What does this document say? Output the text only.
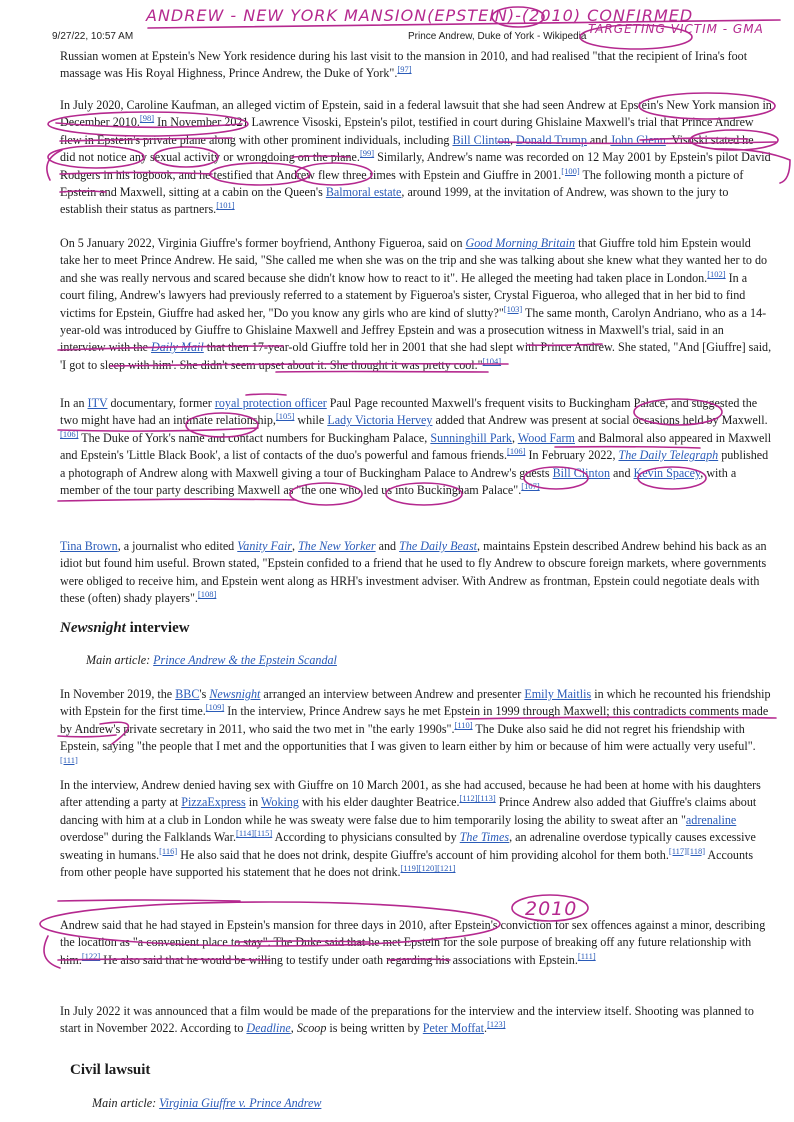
9/27/22, 10:57 AM	Prince Andrew, Duke of York - Wikipedia
ANDREW - NEW YORK MANSION(EPSTEIN)-(2010) CONFIRMED
TARGETING VICTIM - GMA

Russian women at Epstein's New York residence during his last visit to the mansion in 2010, and had realised "that the recipient of Irina's foot massage was His Royal Highness, Prince Andrew, the Duke of York".[97]

In July 2020, Caroline Kaufman, an alleged victim of Epstein, said in a federal lawsuit that she had seen Andrew at Epstein's New York mansion in December 2010.[98] In November 2021 Lawrence Visoski, Epstein's pilot, testified in court during Ghislaine Maxwell's trial that Prince Andrew flew in Epstein's private plane along with other prominent individuals, including Bill Clinton, Donald Trump and John Glenn. Visoski stated he did not notice any sexual activity or wrongdoing on the plane.[99] Similarly, Andrew's name was recorded on 12 May 2001 by Epstein's pilot David Rodgers in his logbook, and he testified that Andrew flew three times with Epstein and Giuffre in 2001.[100] The following month a picture of Epstein and Maxwell, sitting at a cabin on the Queen's Balmoral estate, around 1999, at the invitation of Andrew, was shown to the jury to establish their status as partners.[101]

On 5 January 2022, Virginia Giuffre's former boyfriend, Anthony Figueroa, said on Good Morning Britain that Giuffre told him Epstein would take her to meet Prince Andrew. He said, "She called me when she was on the trip and she was talking about she knew what they wanted her to do and she was really nervous and scared because she didn't know how to react to it". He alleged the meeting had taken place in London.[102] In a court filing, Andrew's lawyers had previously referred to a statement by Figueroa's sister, Crystal Figueroa, who alleged that in her bid to find victims for Epstein, Giuffre had asked her, "Do you know any girls who are kind of slutty?"[103] The same month, Carolyn Andriano, who as a 14-year-old was introduced by Giuffre to Ghislaine Maxwell and Jeffrey Epstein and was a prosecution witness in Maxwell's trial, said in an interview with the Daily Mail that then 17-year-old Giuffre told her in 2001 that she had slept with Prince Andrew. She stated, "And [Giuffre] said, 'I got to sleep with him'. She didn't seem upset about it. She thought it was pretty cool."[104]

In an ITV documentary, former royal protection officer Paul Page recounted Maxwell's frequent visits to Buckingham Palace, and suggested the two might have had an intimate relationship,[105] while Lady Victoria Hervey added that Andrew was present at social occasions held by Maxwell.[106] The Duke of York's name and contact numbers for Buckingham Palace, Sunninghill Park, Wood Farm and Balmoral also appeared in Maxwell and Epstein's 'Little Black Book', a list of contacts of the duo's powerful and famous friends.[106] In February 2022, The Daily Telegraph published a photograph of Andrew along with Maxwell giving a tour of Buckingham Palace to Andrew's guests Bill Clinton and Kevin Spacey, with a member of the tour party describing Maxwell as "the one who led us into Buckingham Palace".[107]

Tina Brown, a journalist who edited Vanity Fair, The New Yorker and The Daily Beast, maintains Epstein described Andrew behind his back as an idiot but found him useful. Brown stated, "Epstein confided to a friend that he used to fly Andrew to obscure foreign markets, where governments were obliged to receive him, and Epstein went along as HRH's investment adviser. With Andrew as frontman, Epstein could negotiate deals with these (often) shady players".[108]

Newsnight interview

Main article: Prince Andrew & the Epstein Scandal

In November 2019, the BBC's Newsnight arranged an interview between Andrew and presenter Emily Maitlis in which he recounted his friendship with Epstein for the first time.[109] In the interview, Prince Andrew says he met Epstein in 1999 through Maxwell; this contradicts comments made by Andrew's private secretary in 2011, who said the two met in "the early 1990s".[110] The Duke also said he did not regret his friendship with Epstein, saying "the people that I met and the opportunities that I was given to learn either by him or because of him were actually very useful".[111]

In the interview, Andrew denied having sex with Giuffre on 10 March 2001, as she had accused, because he had been at home with his daughters after attending a party at PizzaExpress in Woking with his elder daughter Beatrice.[112][113] Prince Andrew also added that Giuffre's claims about dancing with him at a club in London while he was sweaty were false due to him temporarily losing the ability to sweat after an "adrenaline overdose" during the Falklands War.[114][115] According to physicians consulted by The Times, an adrenaline overdose typically causes excessive sweating in humans.[116] He also said that he does not drink, despite Giuffre's account of him providing alcohol for them both.[117][118] Accounts from other people have supported his statement that he does not drink.[119][120][121]

Andrew said that he had stayed in Epstein's mansion for three days in 2010, after Epstein's conviction for sex offences against a minor, describing the location as "a convenient place to stay". The Duke said that he met Epstein for the sole purpose of breaking off any future relationship with him.[122] He also said that he would be willing to testify under oath regarding his associations with Epstein.[111]

In July 2022 it was announced that a film would be made of the preparations for the interview and the interview itself. Shooting was planned to start in November 2022. According to Deadline, Scoop is being written by Peter Moffat.[123]

Civil lawsuit

Main article: Virginia Giuffre v. Prince Andrew

2010
